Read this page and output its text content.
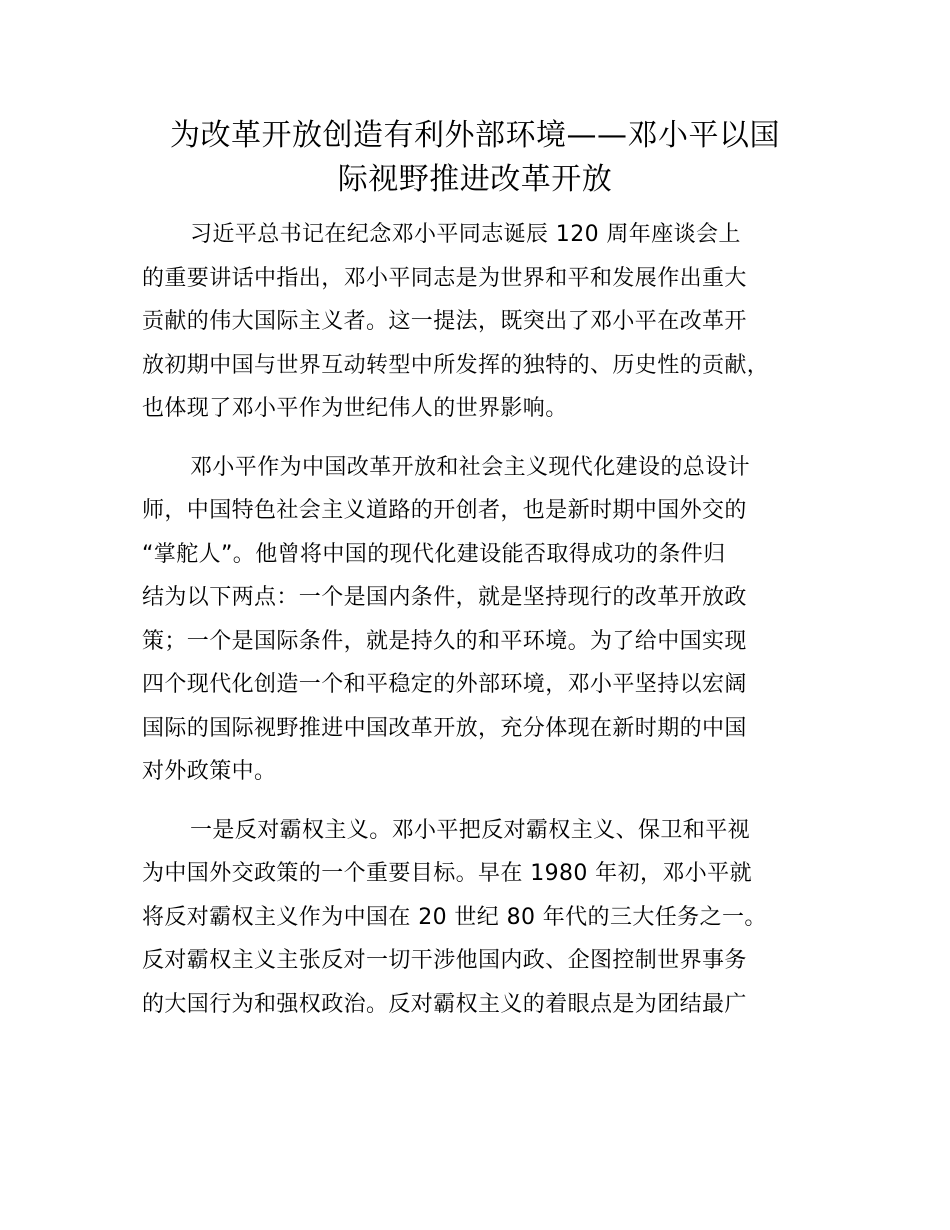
为改革开放创造有利外部环境——邓小平以国
际视野推进改革开放

习近平总书记在纪念邓小平同志诞辰 120 周年座谈会上
的重要讲话中指出，邓小平同志是为世界和平和发展作出重大
贡献的伟大国际主义者。这一提法，既突出了邓小平在改革开
放初期中国与世界互动转型中所发挥的独特的、历史性的贡献，
也体现了邓小平作为世纪伟人的世界影响。

邓小平作为中国改革开放和社会主义现代化建设的总设计
师，中国特色社会主义道路的开创者，也是新时期中国外交的
“掌舵人”。他曾将中国的现代化建设能否取得成功的条件归
结为以下两点：一个是国内条件，就是坚持现行的改革开放政
策；一个是国际条件，就是持久的和平环境。为了给中国实现
四个现代化创造一个和平稳定的外部环境，邓小平坚持以宏阔
国际的国际视野推进中国改革开放，充分体现在新时期的中国
对外政策中。

一是反对霸权主义。邓小平把反对霸权主义、保卫和平视
为中国外交政策的一个重要目标。早在 1980 年初，邓小平就
将反对霸权主义作为中国在 20 世纪 80 年代的三大任务之一。
反对霸权主义主张反对一切干涉他国内政、企图控制世界事务
的大国行为和强权政治。反对霸权主义的着眼点是为团结最广
